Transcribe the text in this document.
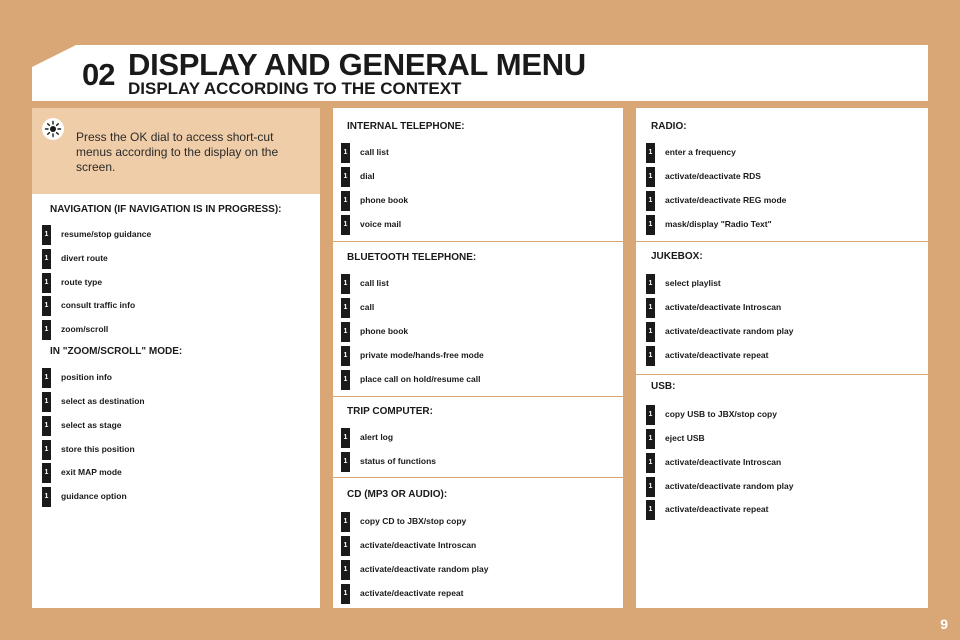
02 DISPLAY AND GENERAL MENU
DISPLAY ACCORDING TO THE CONTEXT
Press the OK dial to access short-cut menus according to the display on the screen.
NAVIGATION (IF NAVIGATION IS IN PROGRESS):
1 resume/stop guidance
1 divert route
1 route type
1 consult traffic info
1 zoom/scroll
IN "ZOOM/SCROLL" MODE:
1 position info
1 select as destination
1 select as stage
1 store this position
1 exit MAP mode
1 guidance option
INTERNAL TELEPHONE:
1 call list
1 dial
1 phone book
1 voice mail
BLUETOOTH TELEPHONE:
1 call list
1 call
1 phone book
1 private mode/hands-free mode
1 place call on hold/resume call
TRIP COMPUTER:
1 alert log
1 status of functions
CD (MP3 OR AUDIO):
1 copy CD to JBX/stop copy
1 activate/deactivate Introscan
1 activate/deactivate random play
1 activate/deactivate repeat
RADIO:
1 enter a frequency
1 activate/deactivate RDS
1 activate/deactivate REG mode
1 mask/display "Radio Text"
JUKEBOX:
1 select playlist
1 activate/deactivate Introscan
1 activate/deactivate random play
1 activate/deactivate repeat
USB:
1 copy USB to JBX/stop copy
1 eject USB
1 activate/deactivate Introscan
1 activate/deactivate random play
1 activate/deactivate repeat
9
